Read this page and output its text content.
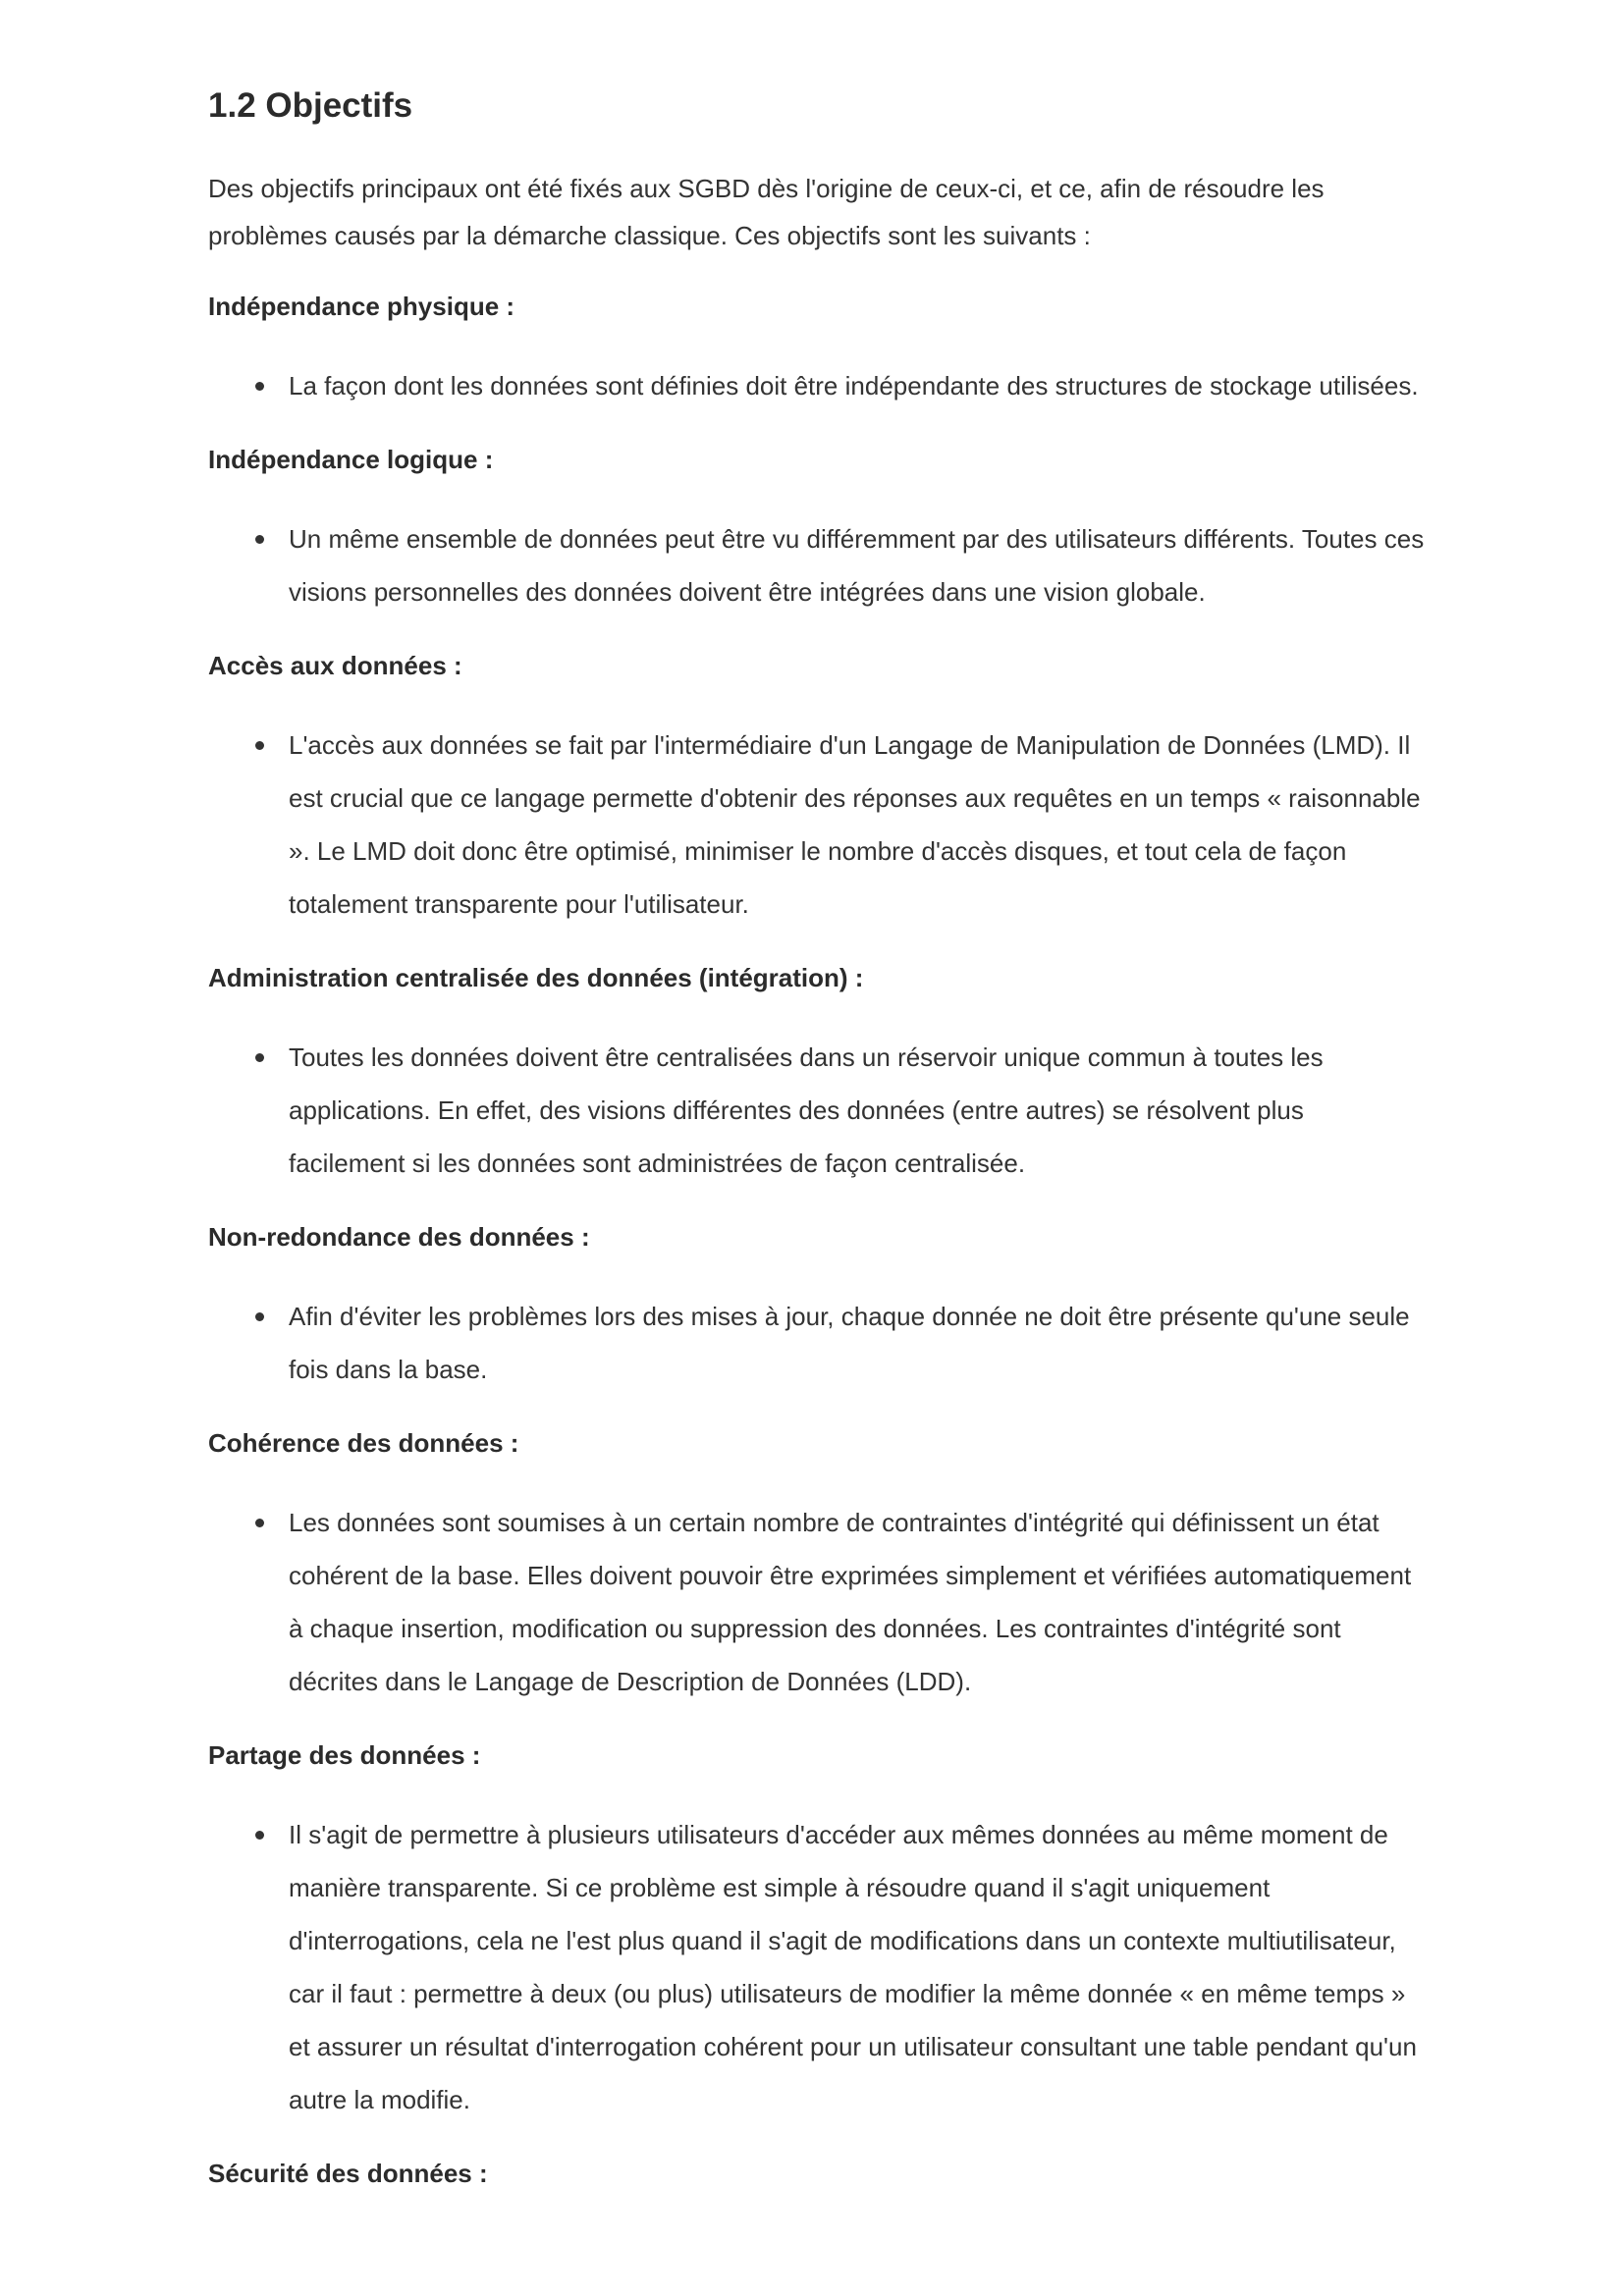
1.2 Objectifs

Des objectifs principaux ont été fixés aux SGBD dès l'origine de ceux-ci, et ce, afin de résoudre les problèmes causés par la démarche classique. Ces objectifs sont les suivants :

Indépendance physique :
La façon dont les données sont définies doit être indépendante des structures de stockage utilisées.
Indépendance logique :
Un même ensemble de données peut être vu différemment par des utilisateurs différents. Toutes ces visions personnelles des données doivent être intégrées dans une vision globale.
Accès aux données :
L'accès aux données se fait par l'intermédiaire d'un Langage de Manipulation de Données (LMD). Il est crucial que ce langage permette d'obtenir des réponses aux requêtes en un temps « raisonnable ». Le LMD doit donc être optimisé, minimiser le nombre d'accès disques, et tout cela de façon totalement transparente pour l'utilisateur.
Administration centralisée des données (intégration) :
Toutes les données doivent être centralisées dans un réservoir unique commun à toutes les applications. En effet, des visions différentes des données (entre autres) se résolvent plus facilement si les données sont administrées de façon centralisée.
Non-redondance des données :
Afin d'éviter les problèmes lors des mises à jour, chaque donnée ne doit être présente qu'une seule fois dans la base.
Cohérence des données :
Les données sont soumises à un certain nombre de contraintes d'intégrité qui définissent un état cohérent de la base. Elles doivent pouvoir être exprimées simplement et vérifiées automatiquement à chaque insertion, modification ou suppression des données. Les contraintes d'intégrité sont décrites dans le Langage de Description de Données (LDD).
Partage des données :
Il s'agit de permettre à plusieurs utilisateurs d'accéder aux mêmes données au même moment de manière transparente. Si ce problème est simple à résoudre quand il s'agit uniquement d'interrogations, cela ne l'est plus quand il s'agit de modifications dans un contexte multiutilisateur, car il faut : permettre à deux (ou plus) utilisateurs de modifier la même donnée « en même temps » et assurer un résultat d'interrogation cohérent pour un utilisateur consultant une table pendant qu'un autre la modifie.
Sécurité des données :
